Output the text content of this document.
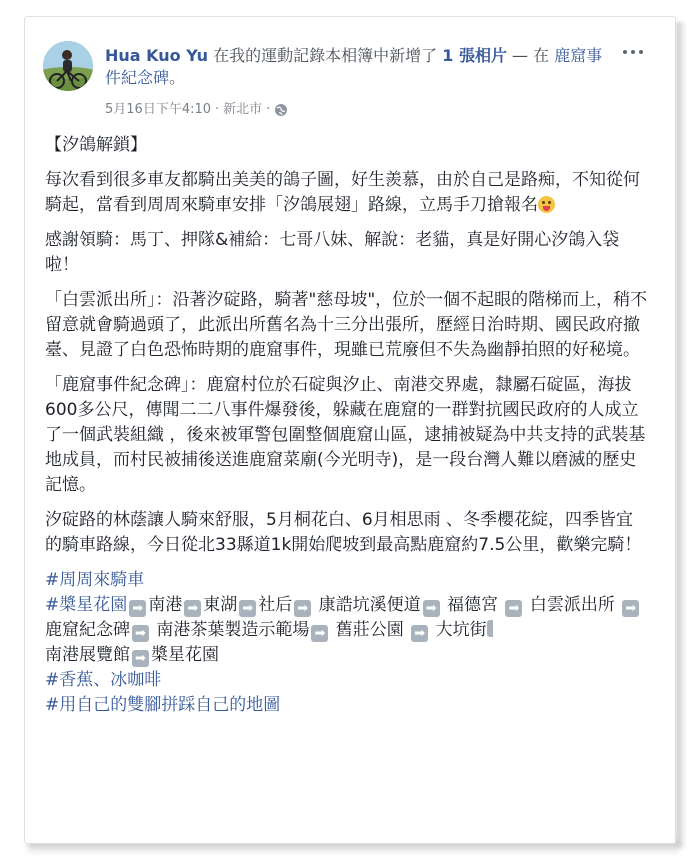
Hua Kuo Yu 在我的運動記錄本相簿中新增了 1 張相片 — 在 鹿窟事件紀念碑。
5月16日下午4:10 · 新北市 ·

【汐鴿解鎖】

每次看到很多車友都騎出美美的鴿子圖，好生羨慕，由於自己是路痴，不知從何騎起，當看到周周來騎車安排「汐鴿展翅」路線，立馬手刀搶報名

感謝領騎：馬丁、押隊&補給：七哥八妹、解說：老貓，真是好開心汐鴿入袋啦！

「白雲派出所」：沿著汐碇路，騎著"慈母坡"，位於一個不起眼的階梯而上，稍不留意就會騎過頭了，此派出所舊名為十三分出張所，歷經日治時期、國民政府撤臺、見證了白色恐怖時期的鹿窟事件，現雖已荒廢但不失為幽靜拍照的好秘境。

「鹿窟事件紀念碑」：鹿窟村位於石碇與汐止、南港交界處，隸屬石碇區，海拔600多公尺，傳聞二二八事件爆發後，躲藏在鹿窟的一群對抗國民政府的人成立了一個武裝組織 ，後來被軍警包圍整個鹿窟山區，逮捕被疑為中共支持的武裝基地成員，而村民被捕後送進鹿窟菜廟(今光明寺)，是一段台灣人難以磨滅的歷史記憶。

汐碇路的林蔭讓人騎來舒服，5月桐花白、6月相思雨 、冬季櫻花綻，四季皆宜的騎車路線，今日從北33縣道1k開始爬坡到最高點鹿窟約7.5公里，歡樂完騎！

#周周來騎車
#槳星花園 ➡ 南港 ➡ 東湖 ➡ 社后 ➡ 康誥坑溪便道 ➡ 福德宮 ➡ 白雲派出所 ➡鹿窟紀念碑 ➡ 南港茶葉製造示範場 ➡ 舊莊公園 ➡ 大坑街
南港展覽館 ➡ 槳星花園
#香蕉、冰咖啡
#用自己的雙腳拼踩自己的地圖
